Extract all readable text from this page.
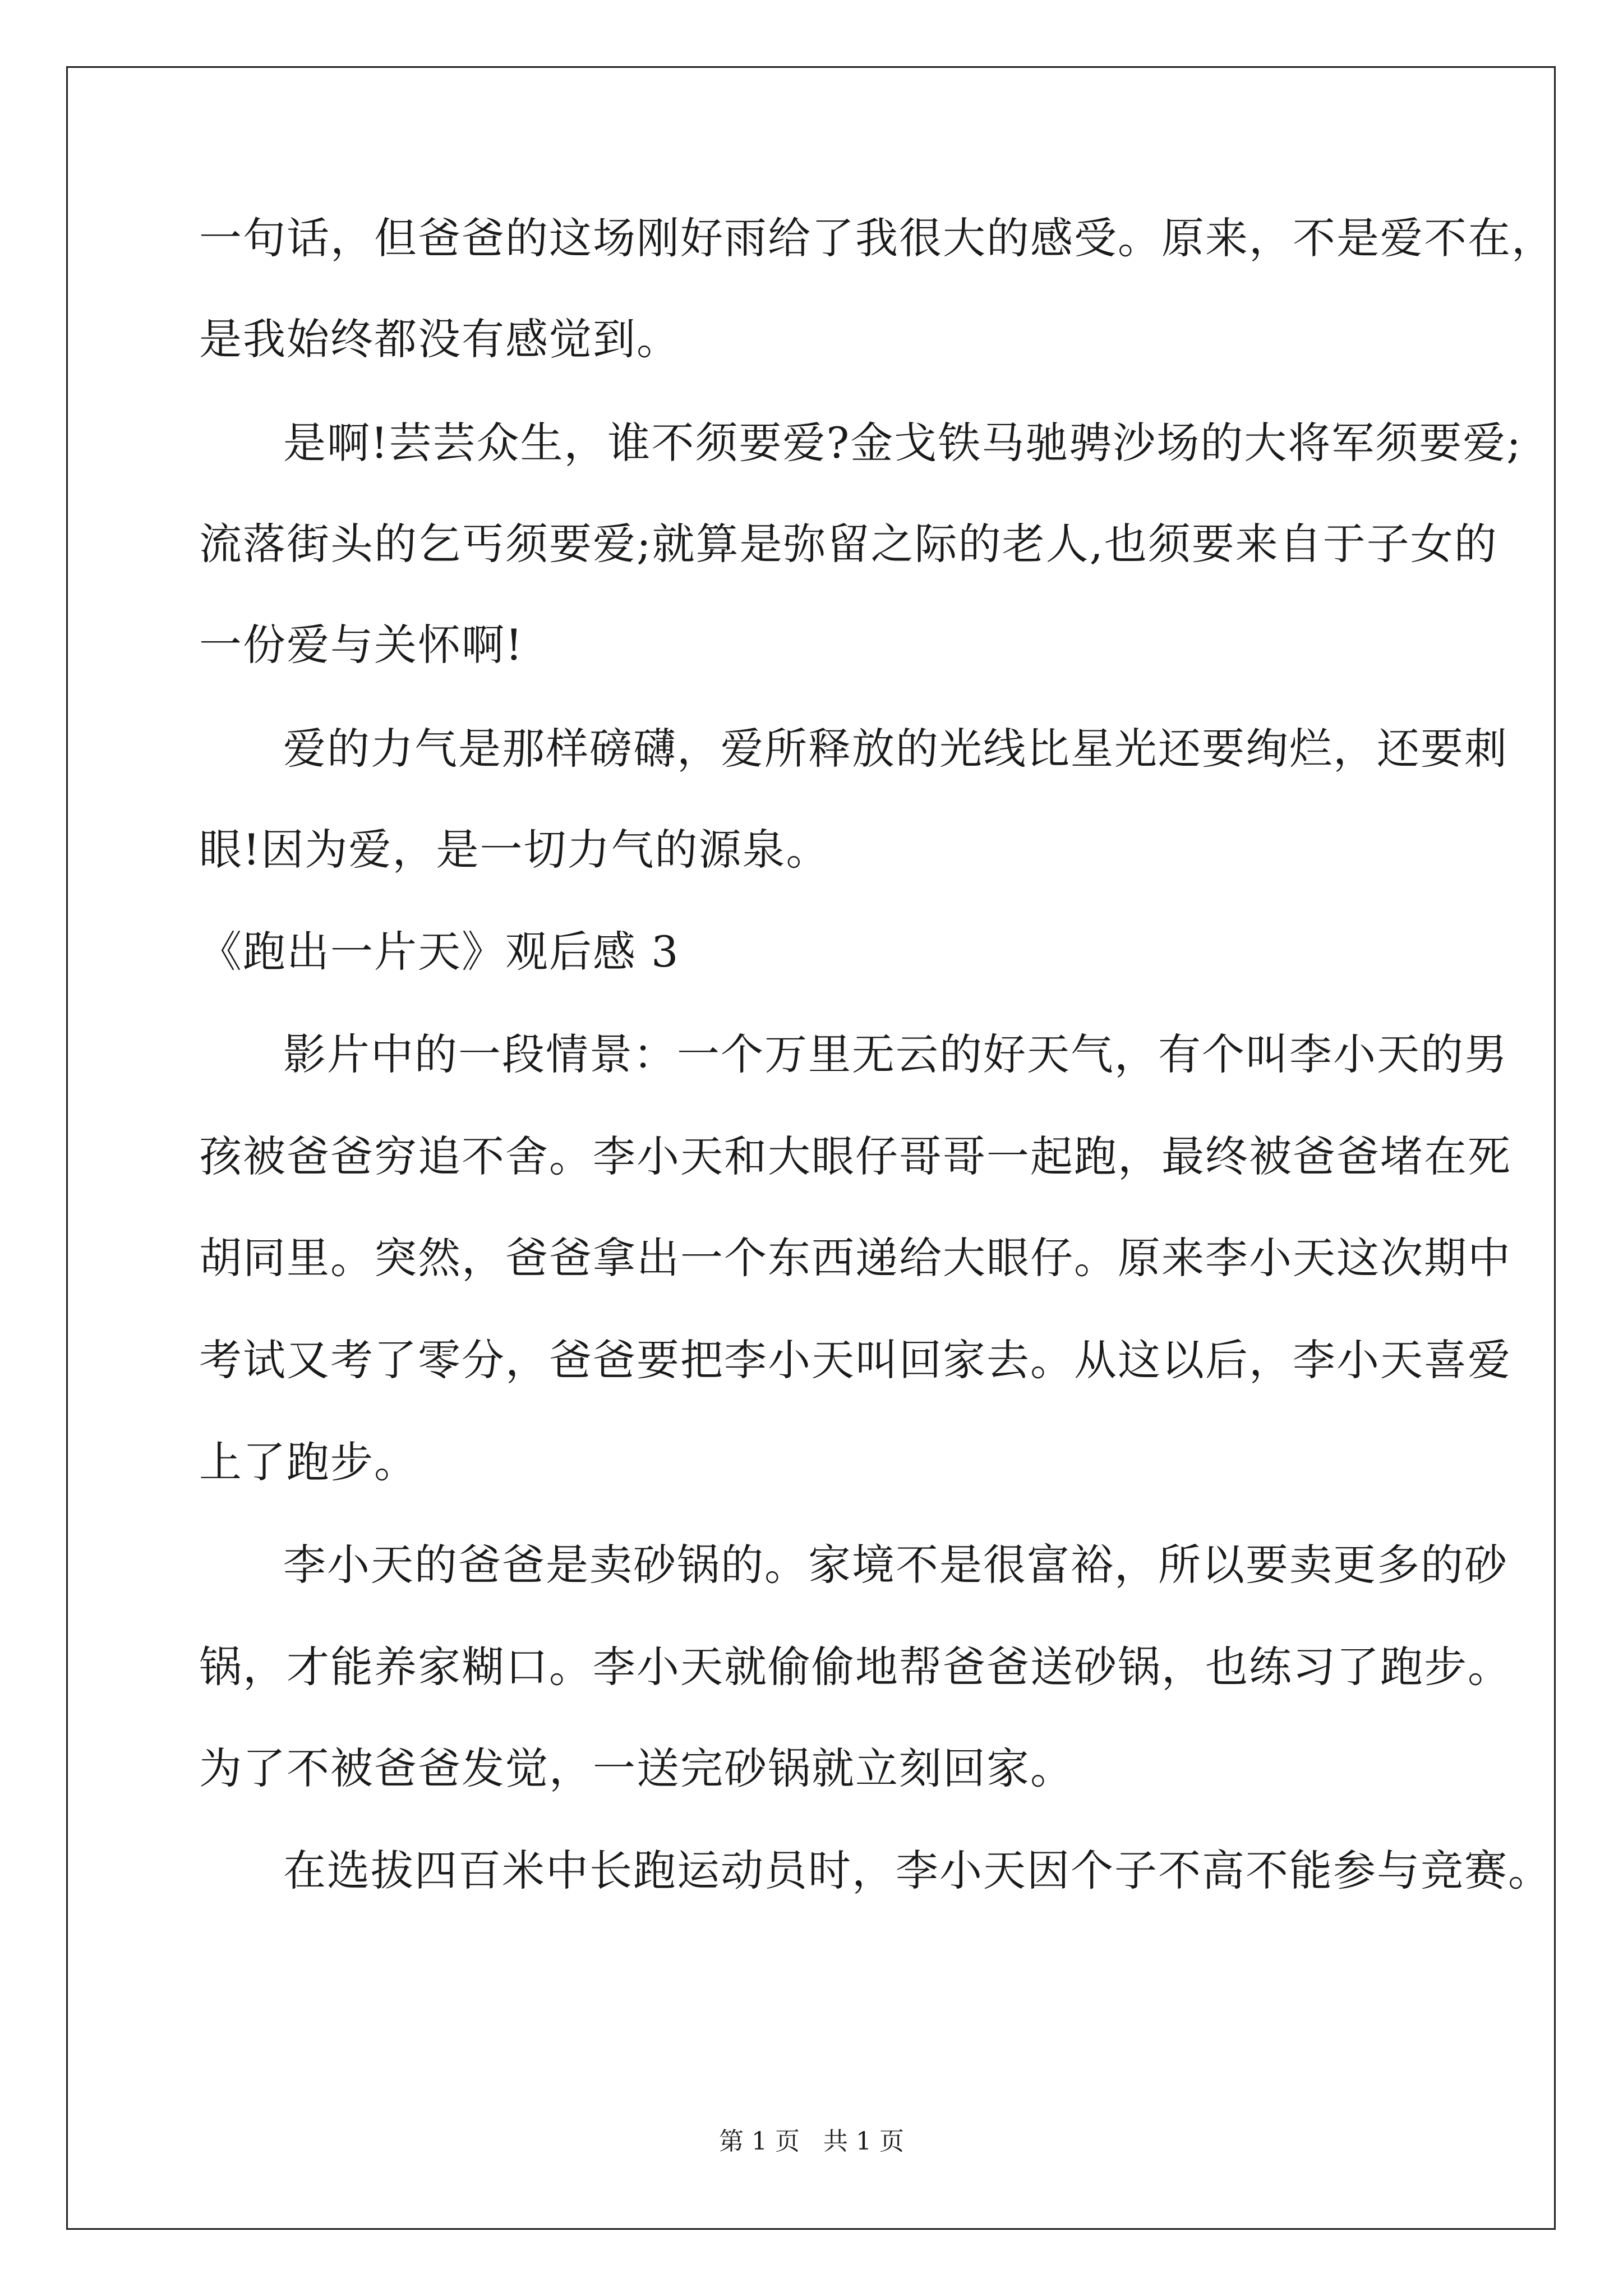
一句话，但爸爸的这场刚好雨给了我很大的感受。原来，不是爱不在，
是我始终都没有感觉到。
是啊!芸芸众生，谁不须要爱?金戈铁马驰骋沙场的大将军须要爱;
流落街头的乞丐须要爱;就算是弥留之际的老人,也须要来自于子女的
一份爱与关怀啊!
爱的力气是那样磅礴，爱所释放的光线比星光还要绚烂，还要刺
眼!因为爱，是一切力气的源泉。
《跑出一片天》观后感 3
影片中的一段情景：一个万里无云的好天气，有个叫李小天的男
孩被爸爸穷追不舍。李小天和大眼仔哥哥一起跑，最终被爸爸堵在死
胡同里。突然，爸爸拿出一个东西递给大眼仔。原来李小天这次期中
考试又考了零分，爸爸要把李小天叫回家去。从这以后，李小天喜爱
上了跑步。
李小天的爸爸是卖砂锅的。家境不是很富裕，所以要卖更多的砂
锅，才能养家糊口。李小天就偷偷地帮爸爸送砂锅，也练习了跑步。
为了不被爸爸发觉，一送完砂锅就立刻回家。
在选拔四百米中长跑运动员时，李小天因个子不高不能参与竞赛。
第 1 页   共 1 页
